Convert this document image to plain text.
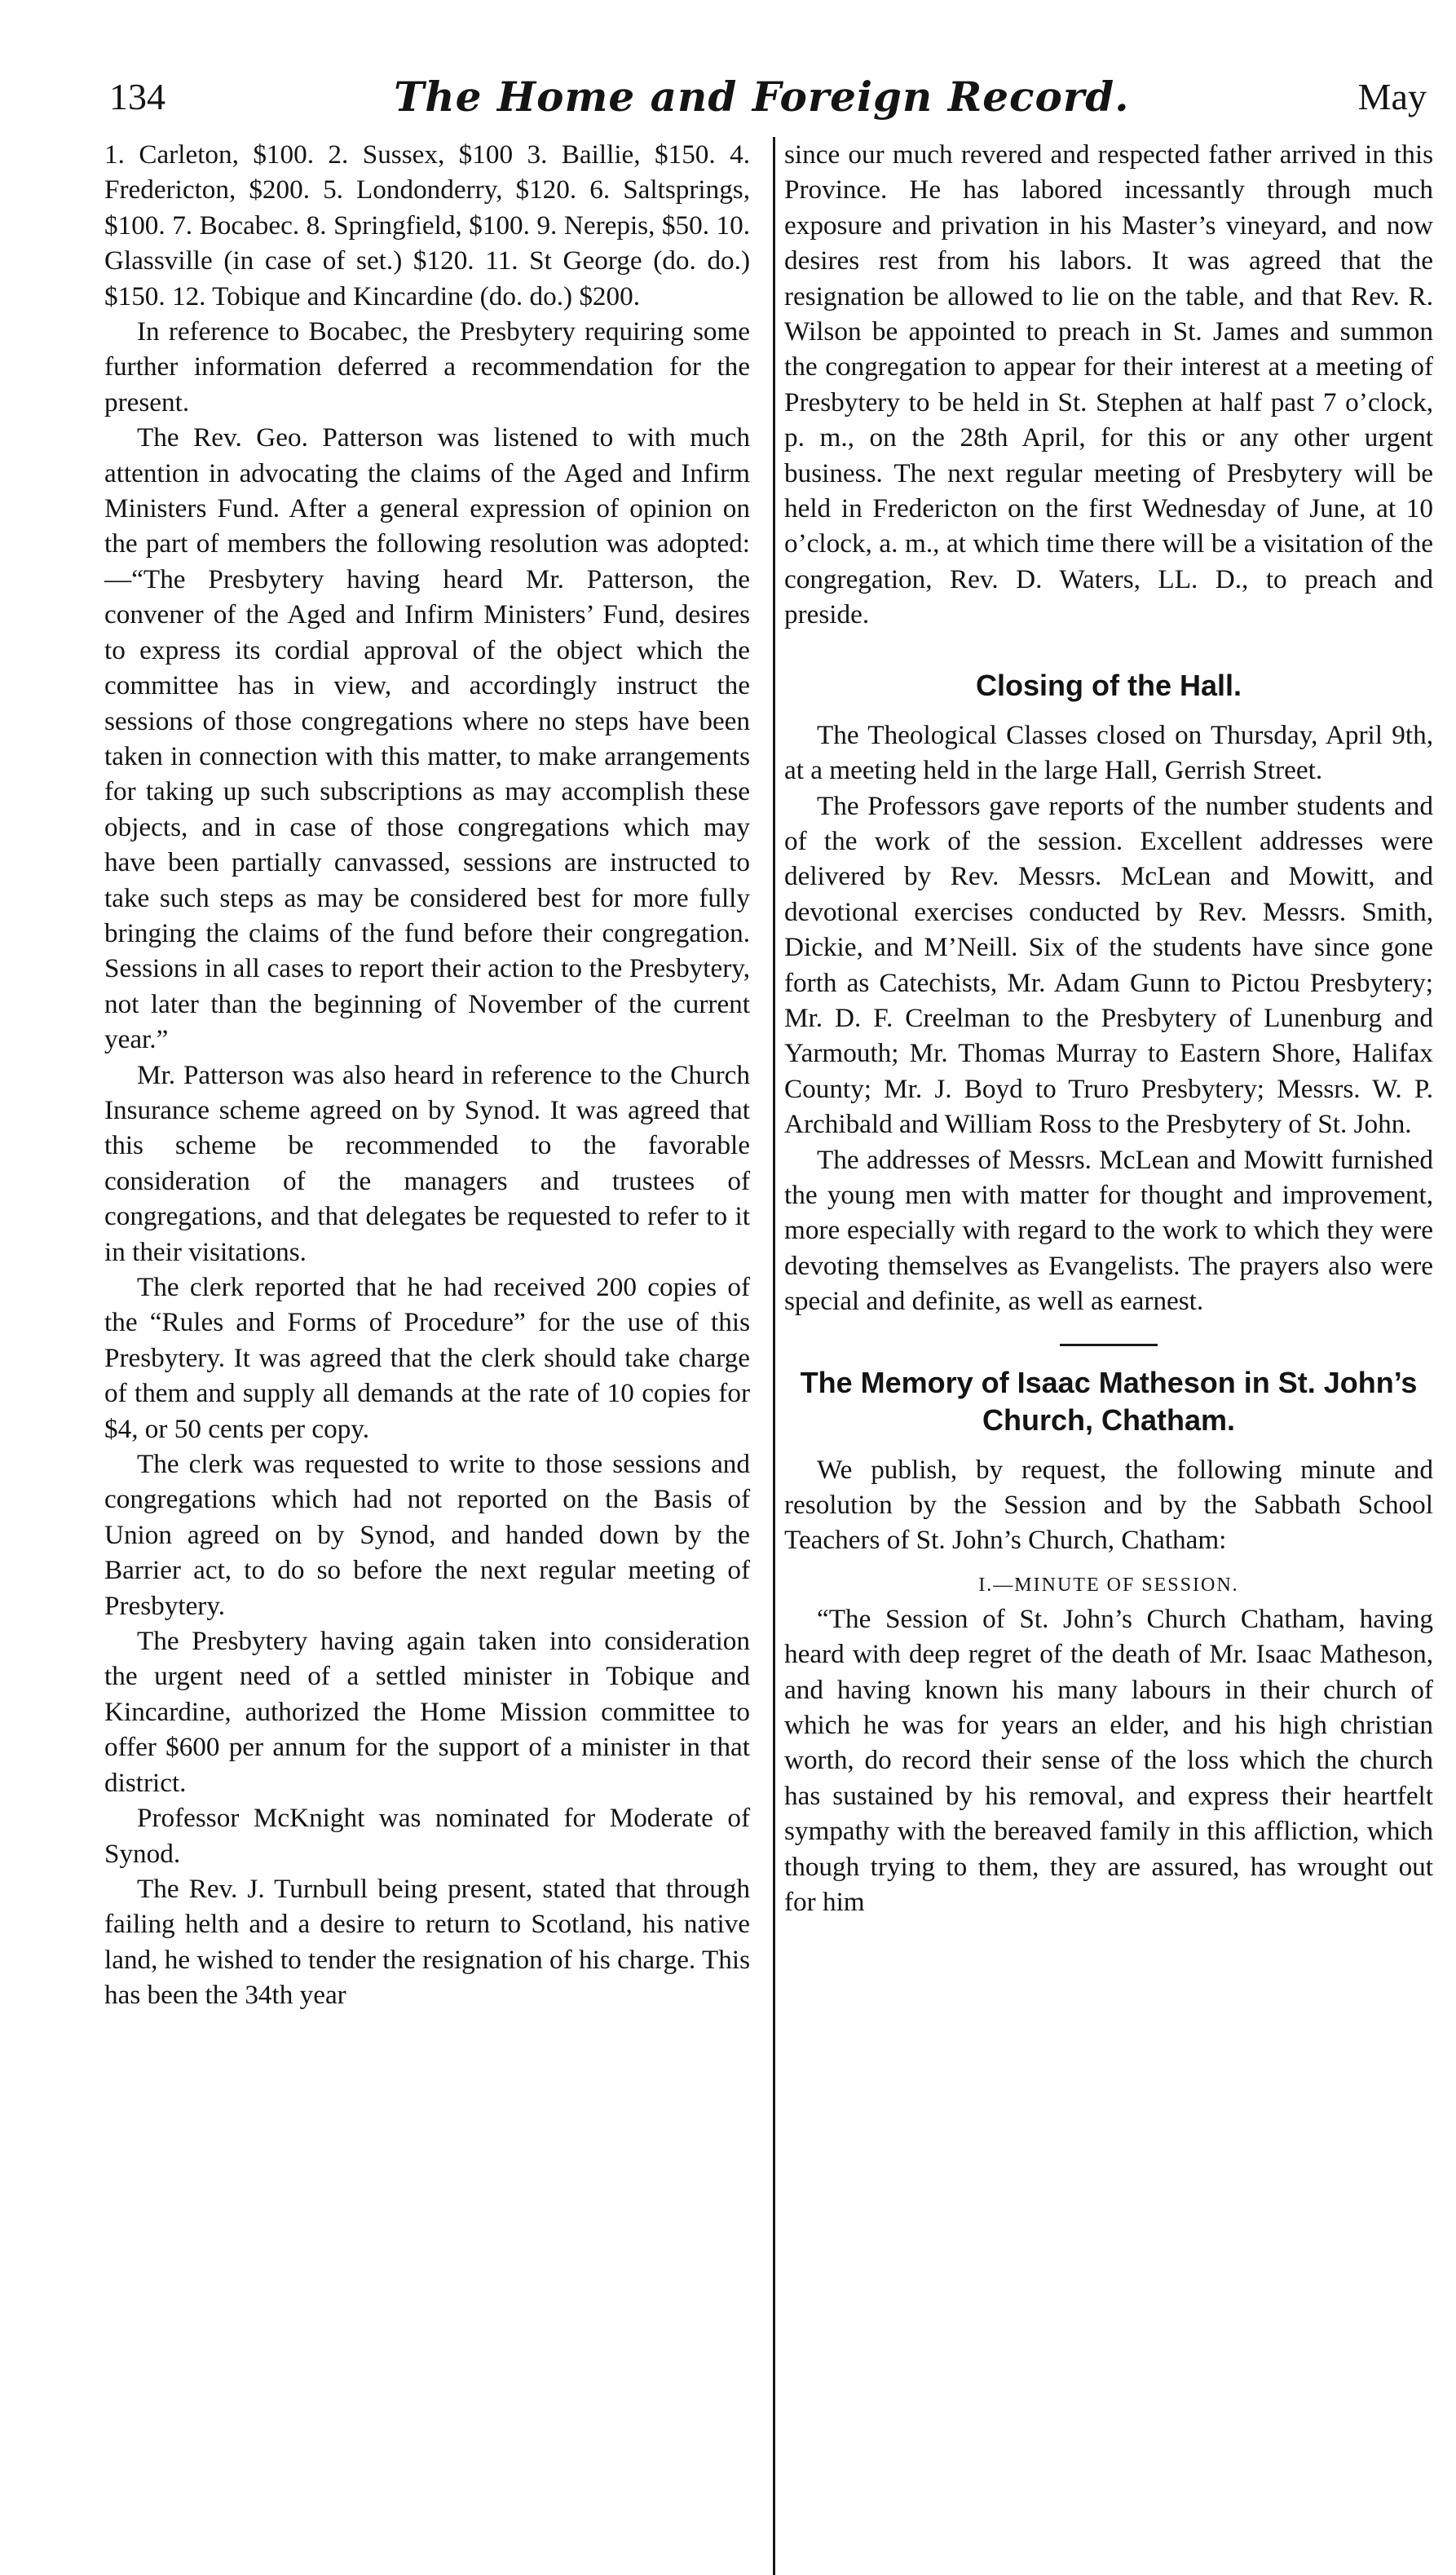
134	The Home and Foreign Record.	May

1. Carleton, $100. 2. Sussex, $100 3. Baillie, $150. 4. Fredericton, $200. 5. Londonderry, $120. 6. Saltsprings, $100. 7. Bocabec. 8. Springfield, $100. 9. Nerepis, $50. 10. Glassville (in case of set.) $120. 11. St George (do. do.) $150. 12. Tobique and Kincardine (do. do.) $200.

In reference to Bocabec, the Presbytery requiring some further information deferred a recommendation for the present.

The Rev. Geo. Patterson was listened to with much attention in advocating the claims of the Aged and Infirm Ministers Fund. After a general expression of opinion on the part of members the following resolution was adopted:—“The Presbytery having heard Mr. Patterson, the convener of the Aged and Infirm Ministers’ Fund, desires to express its cordial approval of the object which the committee has in view, and accordingly instruct the sessions of those congregations where no steps have been taken in connection with this matter, to make arrangements for taking up such subscriptions as may accomplish these objects, and in case of those congregations which may have been partially canvassed, sessions are instructed to take such steps as may be considered best for more fully bringing the claims of the fund before their congregation. Sessions in all cases to report their action to the Presbytery, not later than the beginning of November of the current year.”

Mr. Patterson was also heard in reference to the Church Insurance scheme agreed on by Synod. It was agreed that this scheme be recommended to the favorable consideration of the managers and trustees of congregations, and that delegates be requested to refer to it in their visitations.

The clerk reported that he had received 200 copies of the “Rules and Forms of Procedure” for the use of this Presbytery. It was agreed that the clerk should take charge of them and supply all demands at the rate of 10 copies for $4, or 50 cents per copy.

The clerk was requested to write to those sessions and congregations which had not reported on the Basis of Union agreed on by Synod, and handed down by the Barrier act, to do so before the next regular meeting of Presbytery.

The Presbytery having again taken into consideration the urgent need of a settled minister in Tobique and Kincardine, authorized the Home Mission committee to offer $600 per annum for the support of a minister in that district.

Professor McKnight was nominated for Moderate of Synod.

The Rev. J. Turnbull being present, stated that through failing helth and a desire to return to Scotland, his native land, he wished to tender the resignation of his charge. This has been the 34th year

since our much revered and respected father arrived in this Province. He has labored incessantly through much exposure and privation in his Master’s vineyard, and now desires rest from his labors. It was agreed that the resignation be allowed to lie on the table, and that Rev. R. Wilson be appointed to preach in St. James and summon the congregation to appear for their interest at a meeting of Presbytery to be held in St. Stephen at half past 7 o’clock, p. m., on the 28th April, for this or any other urgent business. The next regular meeting of Presbytery will be held in Fredericton on the first Wednesday of June, at 10 o’clock, a. m., at which time there will be a visitation of the congregation, Rev. D. Waters, LL. D., to preach and preside.

Closing of the Hall.

The Theological Classes closed on Thursday, April 9th, at a meeting held in the large Hall, Gerrish Street.

The Professors gave reports of the number students and of the work of the session. Excellent addresses were delivered by Rev. Messrs. McLean and Mowitt, and devotional exercises conducted by Rev. Messrs. Smith, Dickie, and M’Neill. Six of the students have since gone forth as Catechists, Mr. Adam Gunn to Pictou Presbytery; Mr. D. F. Creelman to the Presbytery of Lunenburg and Yarmouth; Mr. Thomas Murray to Eastern Shore, Halifax County; Mr. J. Boyd to Truro Presbytery; Messrs. W. P. Archibald and William Ross to the Presbytery of St. John.

The addresses of Messrs. McLean and Mowitt furnished the young men with matter for thought and improvement, more especially with regard to the work to which they were devoting themselves as Evangelists. The prayers also were special and definite, as well as earnest.

The Memory of Isaac Matheson in St. John’s Church, Chatham.

We publish, by request, the following minute and resolution by the Session and by the Sabbath School Teachers of St. John’s Church, Chatham:

I.—MINUTE OF SESSION.

“The Session of St. John’s Church Chatham, having heard with deep regret of the death of Mr. Isaac Matheson, and having known his many labours in their church of which he was for years an elder, and his high christian worth, do record their sense of the loss which the church has sustained by his removal, and express their heartfelt sympathy with the bereaved family in this affliction, which though trying to them, they are assured, has wrought out for him
